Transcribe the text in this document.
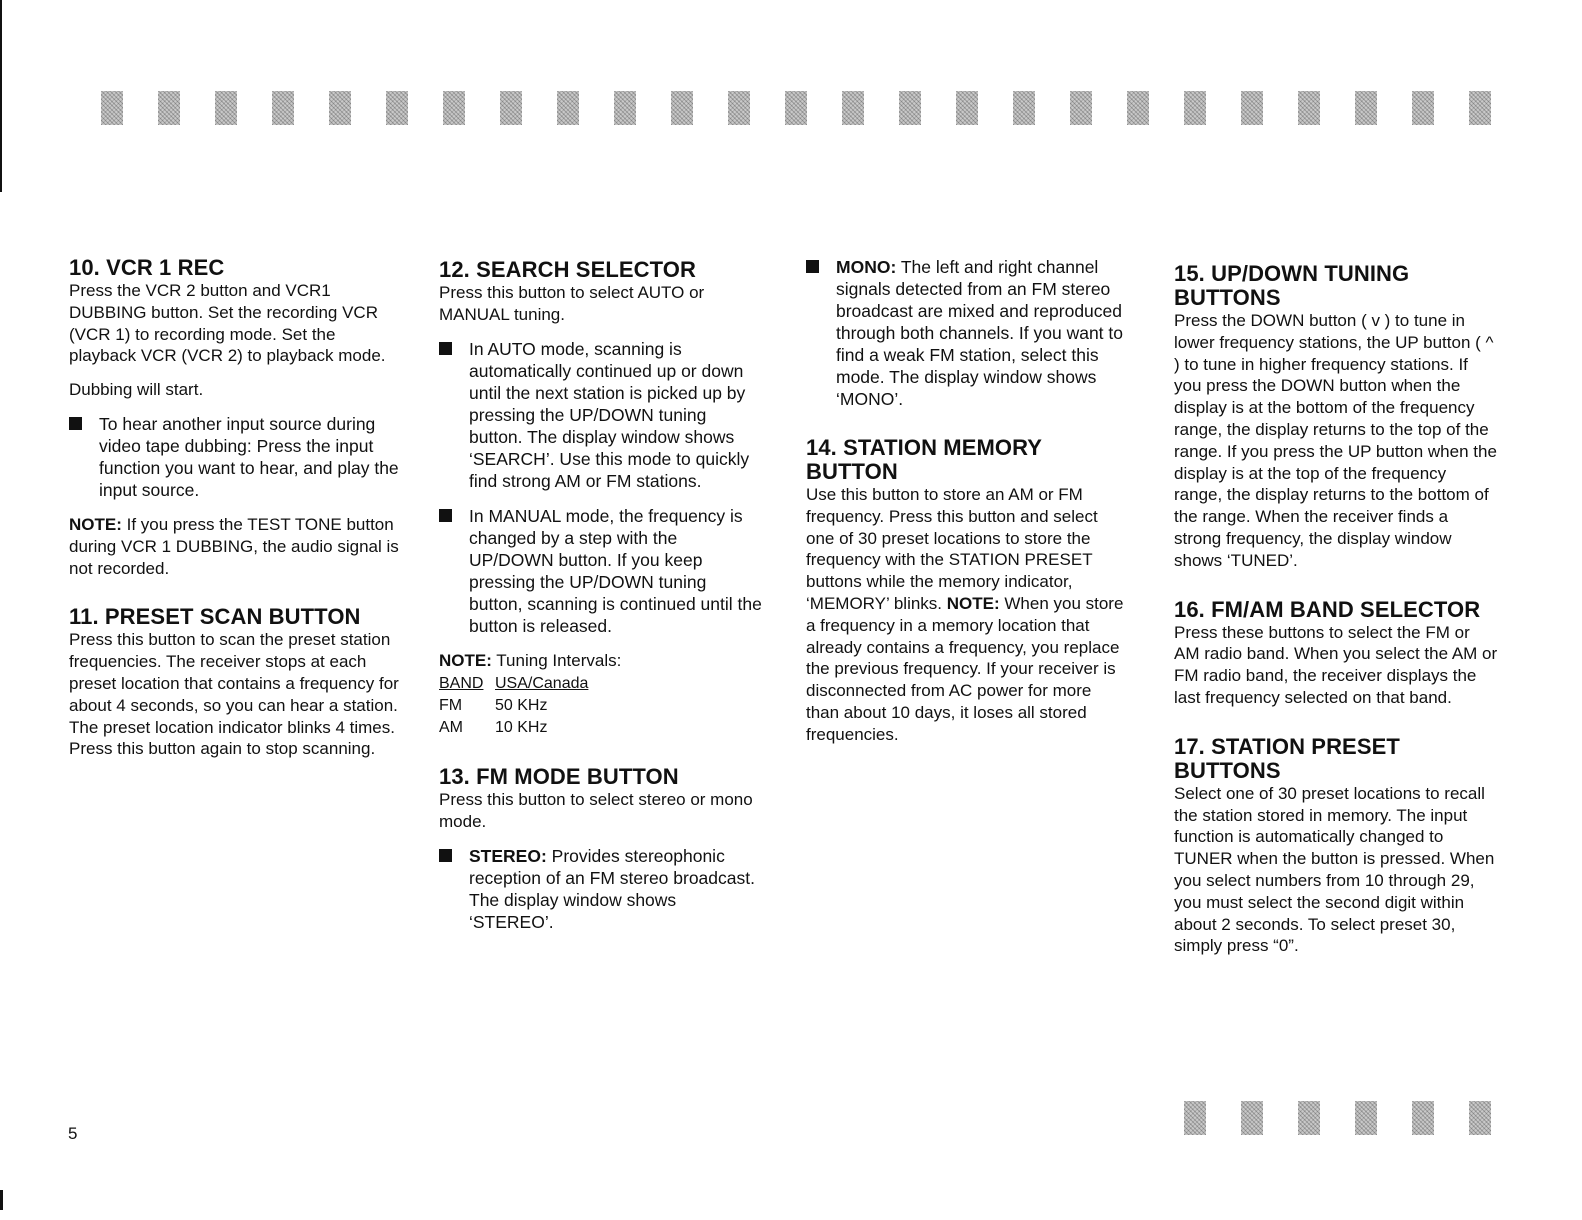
10. VCR 1 REC

Press the VCR 2 button and VCR1 DUBBING button. Set the recording VCR (VCR 1) to recording mode. Set the playback VCR (VCR 2) to playback mode.

Dubbing will start.

To hear another input source during video tape dubbing: Press the input function you want to hear, and play the input source.

NOTE: If you press the TEST TONE button during VCR 1 DUBBING, the audio signal is not recorded.

11. PRESET SCAN BUTTON

Press this button to scan the preset station frequencies. The receiver stops at each preset location that contains a frequency for about 4 seconds, so you can hear a station. The preset location indicator blinks 4 times. Press this button again to stop scanning.

12. SEARCH SELECTOR

Press this button to select AUTO or MANUAL tuning.

In AUTO mode, scanning is automatically continued up or down until the next station is picked up by pressing the UP/DOWN tuning button. The display window shows ‘SEARCH’. Use this mode to quickly find strong AM or FM stations.
In MANUAL mode, the frequency is changed by a step with the UP/DOWN button. If you keep pressing the UP/DOWN tuning button, scanning is continued until the button is released.

NOTE: Tuning Intervals:

BAND	USA/Canada
FM	50 KHz
AM	10 KHz
13. FM MODE BUTTON

Press this button to select stereo or mono mode.

STEREO: Provides stereophonic reception of an FM stereo broadcast. The display window shows ‘STEREO’.
MONO: The left and right channel signals detected from an FM stereo broadcast are mixed and reproduced through both channels. If you want to find a weak FM station, select this mode. The display window shows ‘MONO’.
14. STATION MEMORY BUTTON

Use this button to store an AM or FM frequency. Press this button and select one of 30 preset locations to store the frequency with the STATION PRESET buttons while the memory indicator, ‘MEMORY’ blinks. NOTE: When you store a frequency in a memory location that already contains a frequency, you replace the previous frequency. If your receiver is disconnected from AC power for more than about 10 days, it loses all stored frequencies.

15. UP/DOWN TUNING BUTTONS

Press the DOWN button ( v ) to tune in lower frequency stations, the UP button ( ^ ) to tune in higher frequency stations. If you press the DOWN button when the display is at the bottom of the frequency range, the display returns to the top of the range. If you press the UP button when the display is at the top of the frequency range, the display returns to the bottom of the range. When the receiver finds a strong frequency, the display window shows ‘TUNED’.

16. FM/AM BAND SELECTOR

Press these buttons to select the FM or AM radio band. When you select the AM or FM radio band, the receiver displays the last frequency selected on that band.

17. STATION PRESET BUTTONS

Select one of 30 preset locations to recall the station stored in memory. The input function is automatically changed to TUNER when the button is pressed. When you select numbers from 10 through 29, you must select the second digit within about 2 seconds. To select preset 30, simply press “0”.

5
